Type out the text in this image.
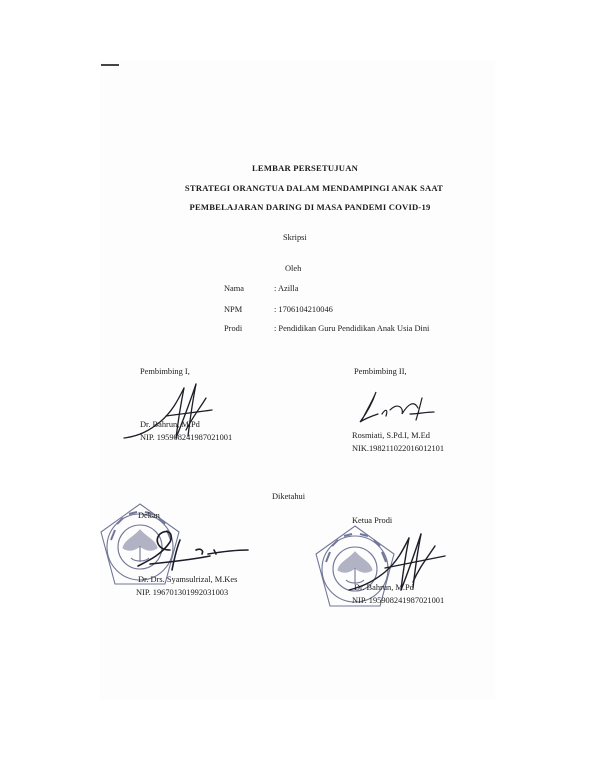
LEMBAR PERSETUJUAN
STRATEGI ORANGTUA DALAM MENDAMPINGI ANAK SAAT
PEMBELAJARAN DARING DI MASA PANDEMI COVID-19
Skripsi
Oleh
Nama	: Azilla
NPM	: 1706104210046
Prodi	: Pendidikan Guru Pendidikan Anak Usia Dini
Pembimbing I,
Dr. Bahrun, M.Pd
NIP. 195908241987021001
Pembimbing II,
Rosmiati, S.Pd.I, M.Ed
NIK.198211022016012101
Diketahui
Dekan
Dr. Drs. Syamsulrizal, M.Kes
NIP. 196701301992031003
Ketua Prodi
Dr. Bahrun, M.Pd
NIP. 195908241987021001
